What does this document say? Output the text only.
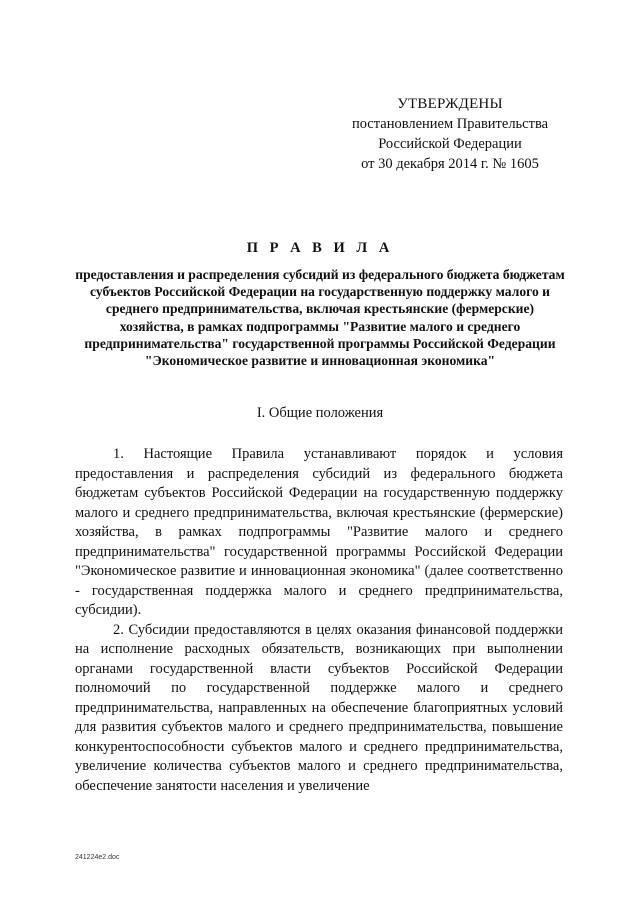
УТВЕРЖДЕНЫ
постановлением Правительства
Российской Федерации
от 30 декабря 2014 г. № 1605
П Р А В И Л А
предоставления и распределения субсидий из федерального бюджета бюджетам субъектов Российской Федерации на государственную поддержку малого и среднего предпринимательства, включая крестьянские (фермерские) хозяйства, в рамках подпрограммы "Развитие малого и среднего предпринимательства" государственной программы Российской Федерации "Экономическое развитие и инновационная экономика"
I. Общие положения

1. Настоящие Правила устанавливают порядок и условия предоставления и распределения субсидий из федерального бюджета бюджетам субъектов Российской Федерации на государственную поддержку малого и среднего предпринимательства, включая крестьянские (фермерские) хозяйства, в рамках подпрограммы "Развитие малого и среднего предпринимательства" государственной программы Российской Федерации "Экономическое развитие и инновационная экономика" (далее соответственно - государственная поддержка малого и среднего предпринимательства, субсидии).

2. Субсидии предоставляются в целях оказания финансовой поддержки на исполнение расходных обязательств, возникающих при выполнении органами государственной власти субъектов Российской Федерации полномочий по государственной поддержке малого и среднего предпринимательства, направленных на обеспечение благоприятных условий для развития субъектов малого и среднего предпринимательства, повышение конкурентоспособности субъектов малого и среднего предпринимательства, увеличение количества субъектов малого и среднего предпринимательства, обеспечение занятости населения и увеличение

241224e2.doc
